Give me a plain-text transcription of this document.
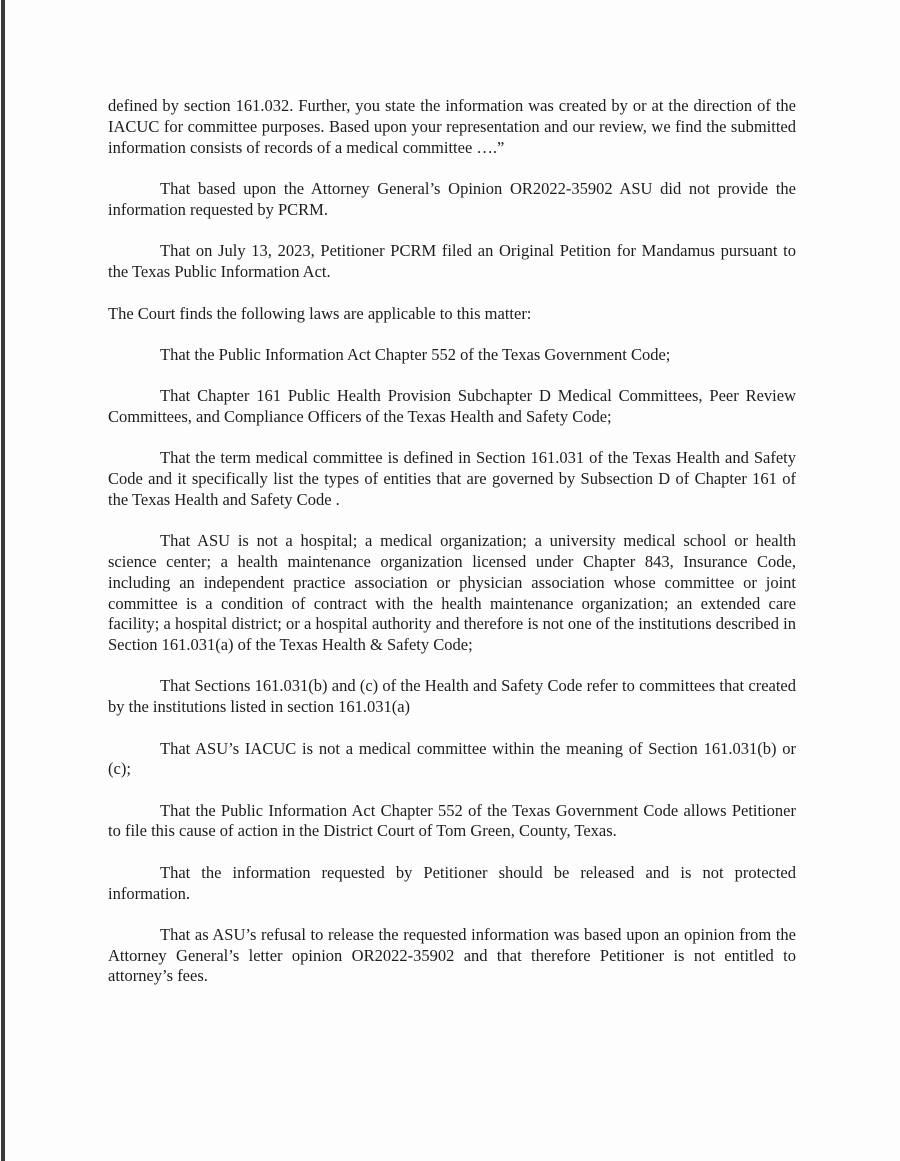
defined by section 161.032. Further, you state the information was created by or at the direction of the IACUC for committee purposes. Based upon your representation and our review, we find the submitted information consists of records of a medical committee ….”

That based upon the Attorney General’s Opinion OR2022-35902 ASU did not provide the information requested by PCRM.

That on July 13, 2023, Petitioner PCRM filed an Original Petition for Mandamus pursuant to the Texas Public Information Act.

The Court finds the following laws are applicable to this matter:

That the Public Information Act Chapter 552 of the Texas Government Code;

That Chapter 161 Public Health Provision Subchapter D Medical Committees, Peer Review Committees, and Compliance Officers of the Texas Health and Safety Code;

That the term medical committee is defined in Section 161.031 of the Texas Health and Safety Code and it specifically list the types of entities that are governed by Subsection D of Chapter 161 of the Texas Health and Safety Code .

That ASU is not a hospital; a medical organization; a university medical school or health science center; a health maintenance organization licensed under Chapter 843, Insurance Code, including an independent practice association or physician association whose committee or joint committee is a condition of contract with the health maintenance organization; an extended care facility; a hospital district; or a hospital authority and therefore is not one of the institutions described in Section 161.031(a) of the Texas Health & Safety Code;

That Sections 161.031(b) and (c) of the Health and Safety Code refer to committees that created by the institutions listed in section 161.031(a)

That ASU’s IACUC is not a medical committee within the meaning of Section 161.031(b) or (c);

That the Public Information Act Chapter 552 of the Texas Government Code allows Petitioner to file this cause of action in the District Court of Tom Green, County, Texas.

That the information requested by Petitioner should be released and is not protected information.

That as ASU’s refusal to release the requested information was based upon an opinion from the Attorney General’s letter opinion OR2022-35902 and that therefore Petitioner is not entitled to attorney’s fees.
